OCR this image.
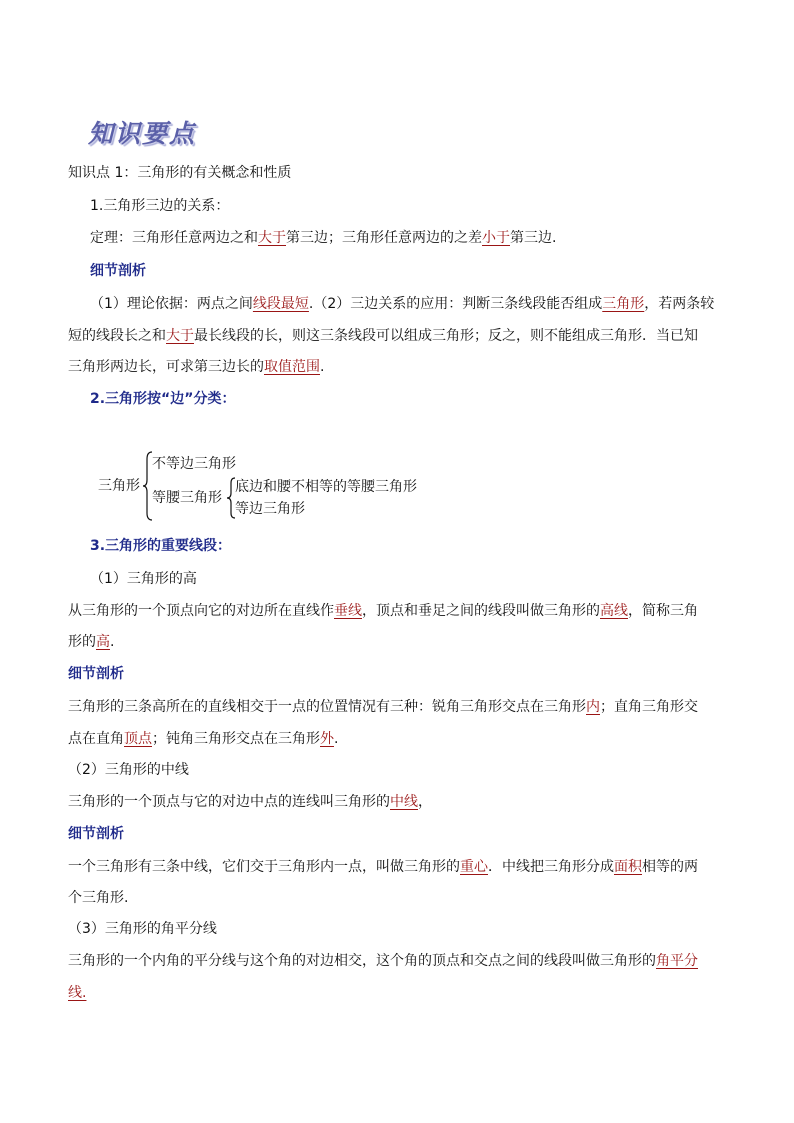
知识要点
知识点 1：三角形的有关概念和性质
1.三角形三边的关系：
定理：三角形任意两边之和大于第三边；三角形任意两边的之差小于第三边.
细节剖析
（1）理论依据：两点之间线段最短.（2）三边关系的应用：判断三条线段能否组成三角形，若两条较
短的线段长之和大于最长线段的长，则这三条线段可以组成三角形；反之，则不能组成三角形．当已知
三角形两边长，可求第三边长的取值范围.
2.三角形按“边”分类：
三角形
不等边三角形
等腰三角形
底边和腰不相等的等腰三角形
等边三角形
3.三角形的重要线段：
（1）三角形的高
从三角形的一个顶点向它的对边所在直线作垂线，顶点和垂足之间的线段叫做三角形的高线，简称三角
形的高.
细节剖析
三角形的三条高所在的直线相交于一点的位置情况有三种：锐角三角形交点在三角形内；直角三角形交
点在直角顶点；钝角三角形交点在三角形外.
（2）三角形的中线
三角形的一个顶点与它的对边中点的连线叫三角形的中线，
细节剖析
一个三角形有三条中线，它们交于三角形内一点，叫做三角形的重心．中线把三角形分成面积相等的两
个三角形.
（3）三角形的角平分线
三角形的一个内角的平分线与这个角的对边相交，这个角的顶点和交点之间的线段叫做三角形的角平分
线.
